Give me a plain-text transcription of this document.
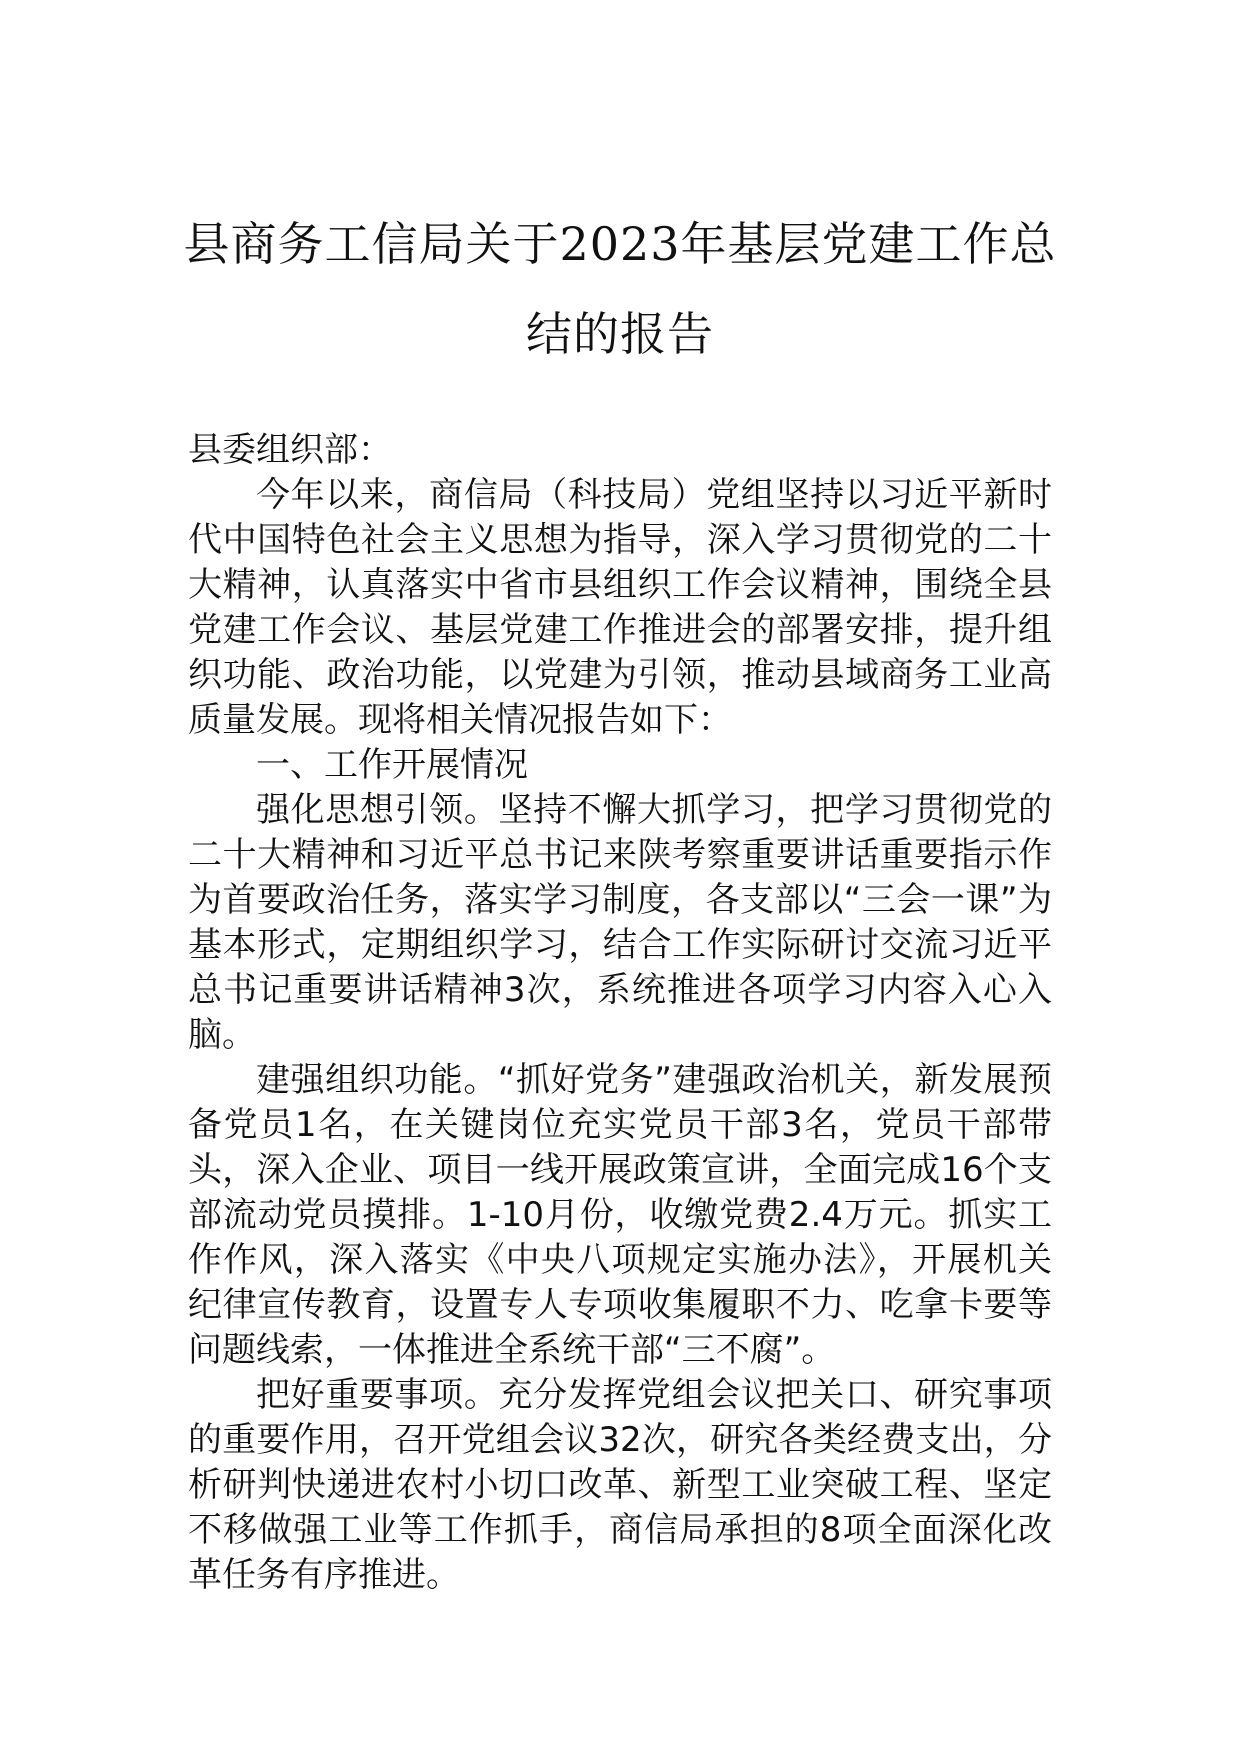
县商务工信局关于2023年基层党建工作总
结的报告

县委组织部：

今年以来，商信局（科技局）党组坚持以习近平新时代中国特色社会主义思想为指导，深入学习贯彻党的二十大精神，认真落实中省市县组织工作会议精神，围绕全县党建工作会议、基层党建工作推进会的部署安排，提升组织功能、政治功能，以党建为引领，推动县域商务工业高质量发展。现将相关情况报告如下：

一、工作开展情况

强化思想引领。坚持不懈大抓学习，把学习贯彻党的二十大精神和习近平总书记来陕考察重要讲话重要指示作为首要政治任务，落实学习制度，各支部以“三会一课”为基本形式，定期组织学习，结合工作实际研讨交流习近平总书记重要讲话精神3次，系统推进各项学习内容入心入脑。

建强组织功能。“抓好党务”建强政治机关，新发展预备党员1名，在关键岗位充实党员干部3名，党员干部带头，深入企业、项目一线开展政策宣讲，全面完成16个支部流动党员摸排。1-10月份，收缴党费2.4万元。抓实工作作风，深入落实《中央八项规定实施办法》，开展机关纪律宣传教育，设置专人专项收集履职不力、吃拿卡要等问题线索，一体推进全系统干部“三不腐”。

把好重要事项。充分发挥党组会议把关口、研究事项的重要作用，召开党组会议32次，研究各类经费支出，分析研判快递进农村小切口改革、新型工业突破工程、坚定不移做强工业等工作抓手，商信局承担的8项全面深化改革任务有序推进。
